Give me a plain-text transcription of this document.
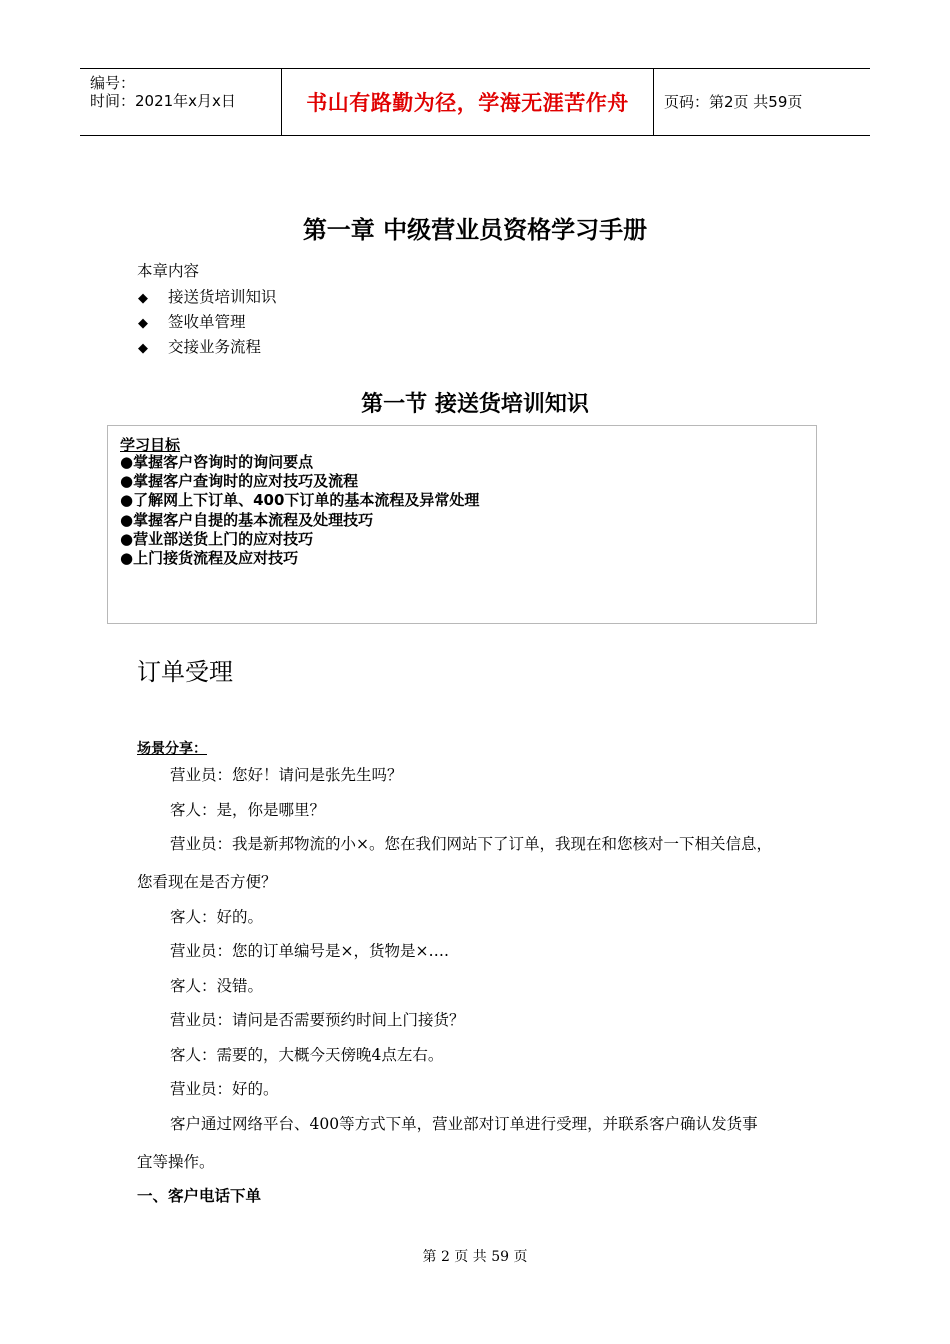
编号：
时间：2021年x月x日	书山有路勤为径，学海无涯苦作舟 页码：第2页 共59页
第一章 中级营业员资格学习手册
本章内容
◆ 接送货培训知识
◆ 签收单管理
◆ 交接业务流程
第一节 接送货培训知识
学习目标
●掌握客户咨询时的询问要点
●掌握客户查询时的应对技巧及流程
●了解网上下订单、400下订单的基本流程及异常处理
●掌握客户自提的基本流程及处理技巧
●营业部送货上门的应对技巧
●上门接货流程及应对技巧
订单受理
场景分享：
营业员：您好！请问是张先生吗？
客人：是，你是哪里？
营业员：我是新邦物流的小×。您在我们网站下了订单，我现在和您核对一下相关信息，
您看现在是否方便？
客人：好的。
营业员：您的订单编号是×，货物是×….
客人：没错。
营业员：请问是否需要预约时间上门接货？
客人：需要的，大概今天傍晚4点左右。
营业员：好的。
客户通过网络平台、400等方式下单，营业部对订单进行受理，并联系客户确认发货事
宜等操作。
一、客户电话下单
第 2 页 共 59 页
